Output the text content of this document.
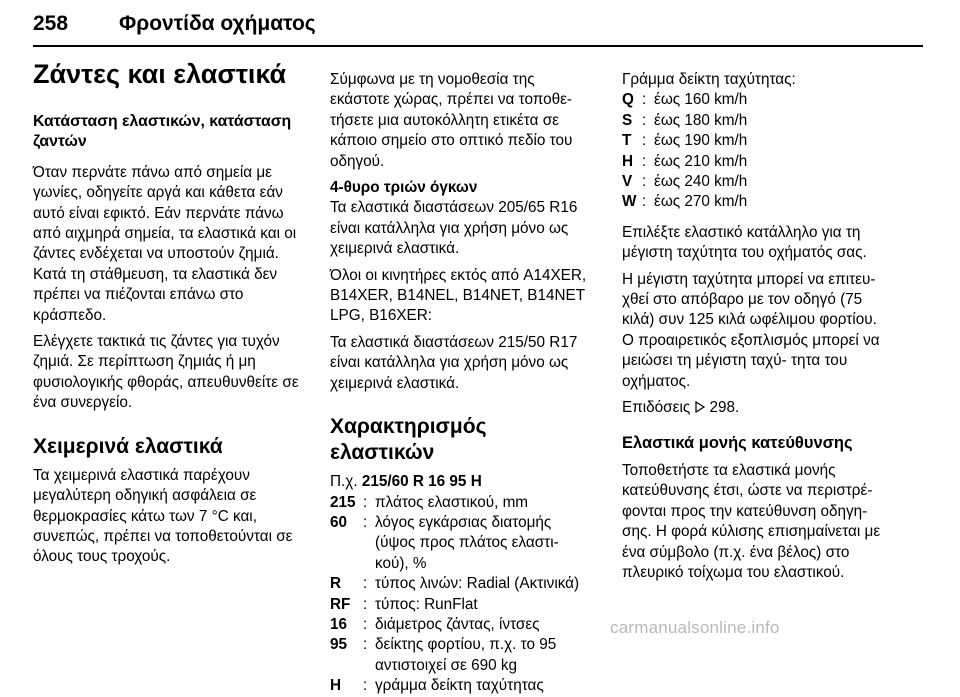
258 Φροντίδα οχήματος
Ζάντες και ελαστικά
Κατάσταση ελαστικών, κατάσταση ζαντών
Όταν περνάτε πάνω από σημεία με γωνίες, οδηγείτε αργά και κάθετα εάν αυτό είναι εφικτό. Εάν περνάτε πάνω από αιχμηρά σημεία, τα ελαστικά και οι ζάντες ενδέχεται να υποστούν ζημιά. Κατά τη στάθμευση, τα ελαστικά δεν πρέπει να πιέζονται επάνω στο κράσπεδο.
Ελέγχετε τακτικά τις ζάντες για τυχόν ζημιά. Σε περίπτωση ζημιάς ή μη φυσιολογικής φθοράς, απευθυνθείτε σε ένα συνεργείο.
Χειμερινά ελαστικά
Τα χειμερινά ελαστικά παρέχουν μεγαλύτερη οδηγική ασφάλεια σε θερμοκρασίες κάτω των 7 °C και, συνεπώς, πρέπει να τοποθετούνται σε όλους τους τροχούς.
Σύμφωνα με τη νομοθεσία της εκάστοτε χώρας, πρέπει να τοποθε- τήσετε μια αυτοκόλλητη ετικέτα σε κάποιο σημείο στο οπτικό πεδίο του οδηγού.
4-θυρο τριών όγκων
Τα ελαστικά διαστάσεων 205/65 R16 είναι κατάλληλα για χρήση μόνο ως χειμερινά ελαστικά.
Όλοι οι κινητήρες εκτός από A14XER, B14XER, B14NEL, B14NET, B14NET LPG, B16XER:
Τα ελαστικά διαστάσεων 215/50 R17 είναι κατάλληλα για χρήση μόνο ως χειμερινά ελαστικά.
Χαρακτηρισμός ελαστικών
Π.χ. 215/60 R 16 95 H
215 : πλάτος ελαστικού, mm
60	: λόγος εγκάρσιας διατομής (ύψος προς πλάτος ελαστι- κού), %
R	: τύπος λινών: Radial (Ακτινικά)
RF : τύπος: RunFlat
16	: διάμετρος ζάντας, ίντσες
95	: δείκτης φορτίου, π.χ. το 95 αντιστοιχεί σε 690 kg
H	: γράμμα δείκτη ταχύτητας
Γράμμα δείκτη ταχύτητας:
Q : έως 160 km/h
S : έως 180 km/h
T : έως 190 km/h
H : έως 210 km/h
V : έως 240 km/h
W : έως 270 km/h
Επιλέξτε ελαστικό κατάλληλο για τη μέγιστη ταχύτητα του οχήματός σας.
Η μέγιστη ταχύτητα μπορεί να επιτευ- χθεί στο απόβαρο με τον οδηγό (75 κιλά) συν 125 κιλά ωφέλιμου φορτίου. Ο προαιρετικός εξοπλισμός μπορεί να μειώσει τη μέγιστη ταχύ- τητα του οχήματος.
Επιδόσεις 298.
Ελαστικά μονής κατεύθυνσης
Τοποθετήστε τα ελαστικά μονής κατεύθυνσης έτσι, ώστε να περιστρέ- φονται προς την κατεύθυνση οδηγη- σης. Η φορά κύλισης επισημαίνεται με ένα σύμβολο (π.χ. ένα βέλος) στο πλευρικό τοίχωμα του ελαστικού.
carmanualsonline.info
